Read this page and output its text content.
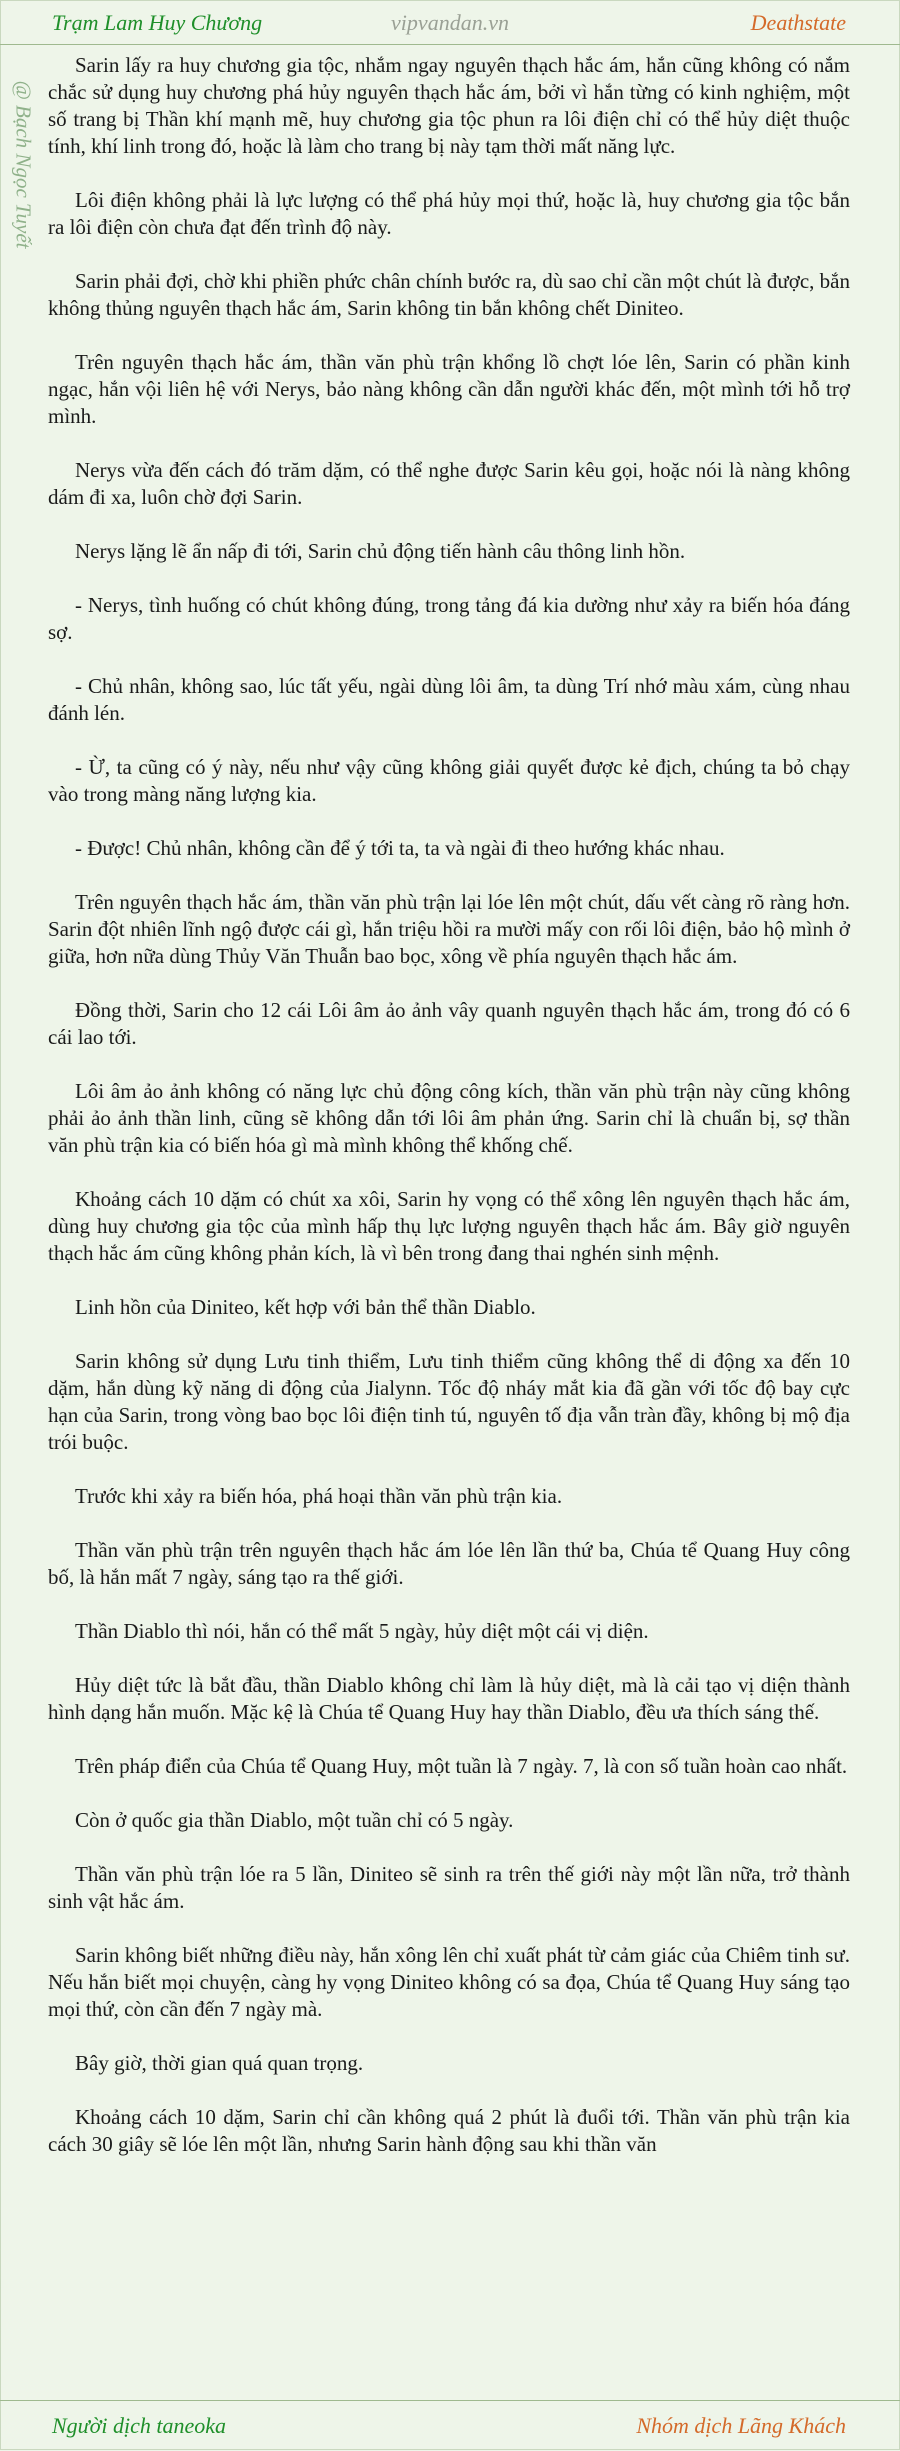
Trạm Lam Huy Chương	vipvandan.vn	Deathstate
@ Bạch Ngọc Tuyết

Sarin lấy ra huy chương gia tộc, nhắm ngay nguyên thạch hắc ám, hắn cũng không có nắm chắc sử dụng huy chương phá hủy nguyên thạch hắc ám, bởi vì hắn từng có kinh nghiệm, một số trang bị Thần khí mạnh mẽ, huy chương gia tộc phun ra lôi điện chỉ có thể hủy diệt thuộc tính, khí linh trong đó, hoặc là làm cho trang bị này tạm thời mất năng lực.

Lôi điện không phải là lực lượng có thể phá hủy mọi thứ, hoặc là, huy chương gia tộc bắn ra lôi điện còn chưa đạt đến trình độ này.

Sarin phải đợi, chờ khi phiền phức chân chính bước ra, dù sao chỉ cần một chút là được, bắn không thủng nguyên thạch hắc ám, Sarin không tin bắn không chết Diniteo.

Trên nguyên thạch hắc ám, thần văn phù trận khổng lồ chợt lóe lên, Sarin có phần kinh ngạc, hắn vội liên hệ với Nerys, bảo nàng không cần dẫn người khác đến, một mình tới hỗ trợ mình.

Nerys vừa đến cách đó trăm dặm, có thể nghe được Sarin kêu gọi, hoặc nói là nàng không dám đi xa, luôn chờ đợi Sarin.

Nerys lặng lẽ ẩn nấp đi tới, Sarin chủ động tiến hành câu thông linh hồn.

- Nerys, tình huống có chút không đúng, trong tảng đá kia dường như xảy ra biến hóa đáng sợ.

- Chủ nhân, không sao, lúc tất yếu, ngài dùng lôi âm, ta dùng Trí nhớ màu xám, cùng nhau đánh lén.

- Ừ, ta cũng có ý này, nếu như vậy cũng không giải quyết được kẻ địch, chúng ta bỏ chạy vào trong màng năng lượng kia.

- Được! Chủ nhân, không cần để ý tới ta, ta và ngài đi theo hướng khác nhau.

Trên nguyên thạch hắc ám, thần văn phù trận lại lóe lên một chút, dấu vết càng rõ ràng hơn. Sarin đột nhiên lĩnh ngộ được cái gì, hắn triệu hồi ra mười mấy con rối lôi điện, bảo hộ mình ở giữa, hơn nữa dùng Thủy Văn Thuẫn bao bọc, xông về phía nguyên thạch hắc ám.

Đồng thời, Sarin cho 12 cái Lôi âm ảo ảnh vây quanh nguyên thạch hắc ám, trong đó có 6 cái lao tới.

Lôi âm ảo ảnh không có năng lực chủ động công kích, thần văn phù trận này cũng không phải ảo ảnh thần linh, cũng sẽ không dẫn tới lôi âm phản ứng. Sarin chỉ là chuẩn bị, sợ thần văn phù trận kia có biến hóa gì mà mình không thể khống chế.

Khoảng cách 10 dặm có chút xa xôi, Sarin hy vọng có thể xông lên nguyên thạch hắc ám, dùng huy chương gia tộc của mình hấp thụ lực lượng nguyên thạch hắc ám. Bây giờ nguyên thạch hắc ám cũng không phản kích, là vì bên trong đang thai nghén sinh mệnh.

Linh hồn của Diniteo, kết hợp với bản thể thần Diablo.

Sarin không sử dụng Lưu tinh thiểm, Lưu tinh thiểm cũng không thể di động xa đến 10 dặm, hắn dùng kỹ năng di động của Jialynn. Tốc độ nháy mắt kia đã gần với tốc độ bay cực hạn của Sarin, trong vòng bao bọc lôi điện tinh tú, nguyên tố địa vẫn tràn đầy, không bị mộ địa trói buộc.

Trước khi xảy ra biến hóa, phá hoại thần văn phù trận kia.

Thần văn phù trận trên nguyên thạch hắc ám lóe lên lần thứ ba, Chúa tể Quang Huy công bố, là hắn mất 7 ngày, sáng tạo ra thế giới.

Thần Diablo thì nói, hắn có thể mất 5 ngày, hủy diệt một cái vị diện.

Hủy diệt tức là bắt đầu, thần Diablo không chỉ làm là hủy diệt, mà là cải tạo vị diện thành hình dạng hắn muốn. Mặc kệ là Chúa tể Quang Huy hay thần Diablo, đều ưa thích sáng thế.

Trên pháp điển của Chúa tể Quang Huy, một tuần là 7 ngày. 7, là con số tuần hoàn cao nhất.

Còn ở quốc gia thần Diablo, một tuần chỉ có 5 ngày.

Thần văn phù trận lóe ra 5 lần, Diniteo sẽ sinh ra trên thế giới này một lần nữa, trở thành sinh vật hắc ám.

Sarin không biết những điều này, hắn xông lên chỉ xuất phát từ cảm giác của Chiêm tinh sư. Nếu hắn biết mọi chuyện, càng hy vọng Diniteo không có sa đọa, Chúa tể Quang Huy sáng tạo mọi thứ, còn cần đến 7 ngày mà.

Bây giờ, thời gian quá quan trọng.

Khoảng cách 10 dặm, Sarin chỉ cần không quá 2 phút là đuổi tới. Thần văn phù trận kia cách 30 giây sẽ lóe lên một lần, nhưng Sarin hành động sau khi thần văn

Người dịch taneoka	Nhóm dịch Lãng Khách
